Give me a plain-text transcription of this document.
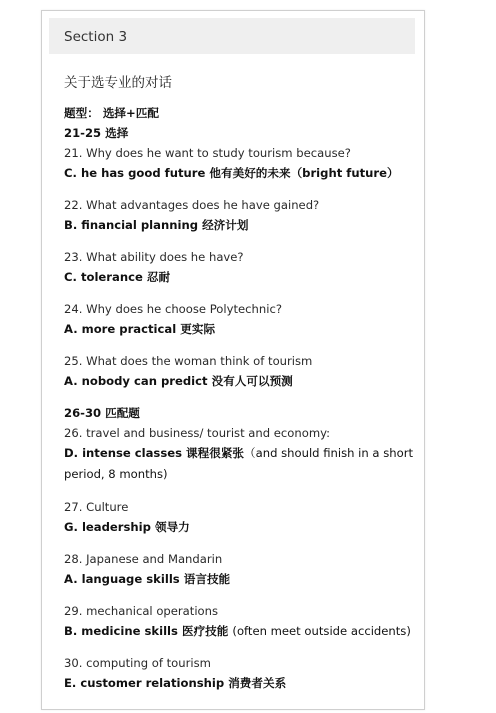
Section 3
关于选专业的对话
题型： 选择+匹配
21-25 选择
21. Why does he want to study tourism because?
C. he has good future 他有美好的未来（bright future）
22. What advantages does he have gained?
B. financial planning 经济计划
23. What ability does he have?
C. tolerance 忍耐
24. Why does he choose Polytechnic?
A. more practical 更实际
25. What does the woman think of tourism
A. nobody can predict 没有人可以预测
26-30 匹配题
26. travel and business/ tourist and economy:
D. intense classes 课程很紧张（and should finish in a short period, 8 months)
27. Culture
G. leadership 领导力
28. Japanese and Mandarin
A. language skills 语言技能
29. mechanical operations
B. medicine skills 医疗技能 (often meet outside accidents)
30. computing of tourism
E. customer relationship 消费者关系
